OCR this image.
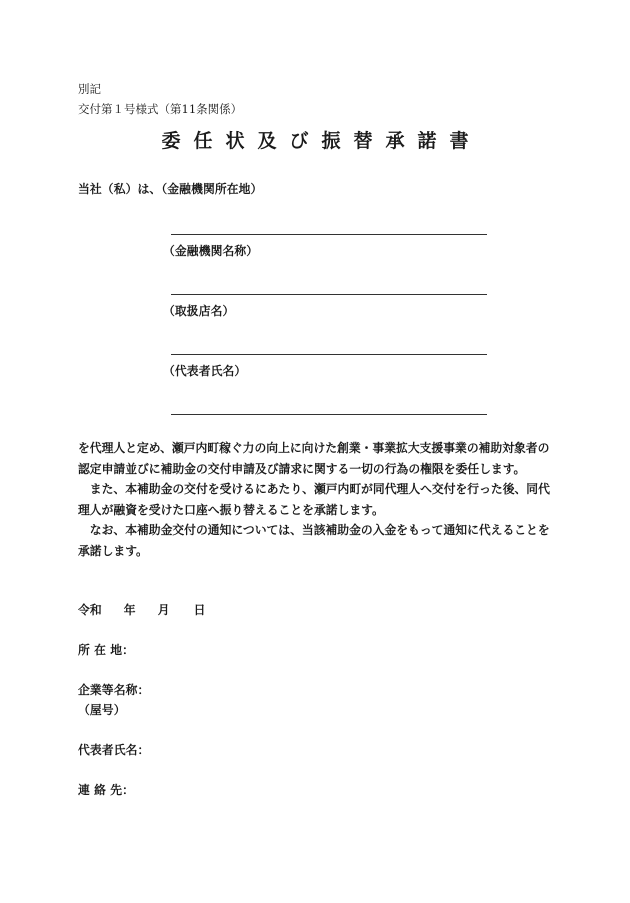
別記
交付第１号様式（第11条関係）
委任状及び振替承諾書
当社（私）は、（金融機関所在地）
（金融機関名称）
（取扱店名）
（代表者氏名）
を代理人と定め、瀬戸内町稼ぐ力の向上に向けた創業・事業拡大支援事業の補助対象者の認定申請並びに補助金の交付申請及び請求に関する一切の行為の権限を委任します。
　また、本補助金の交付を受けるにあたり、瀬戸内町が同代理人へ交付を行った後、同代理人が融資を受けた口座へ振り替えることを承諾します。
　なお、本補助金交付の通知については、当該補助金の入金をもって通知に代えることを承諾します。
令和 年 月 日
所 在 地：
企業等名称：
（屋号）
代表者氏名：
連 絡 先：
